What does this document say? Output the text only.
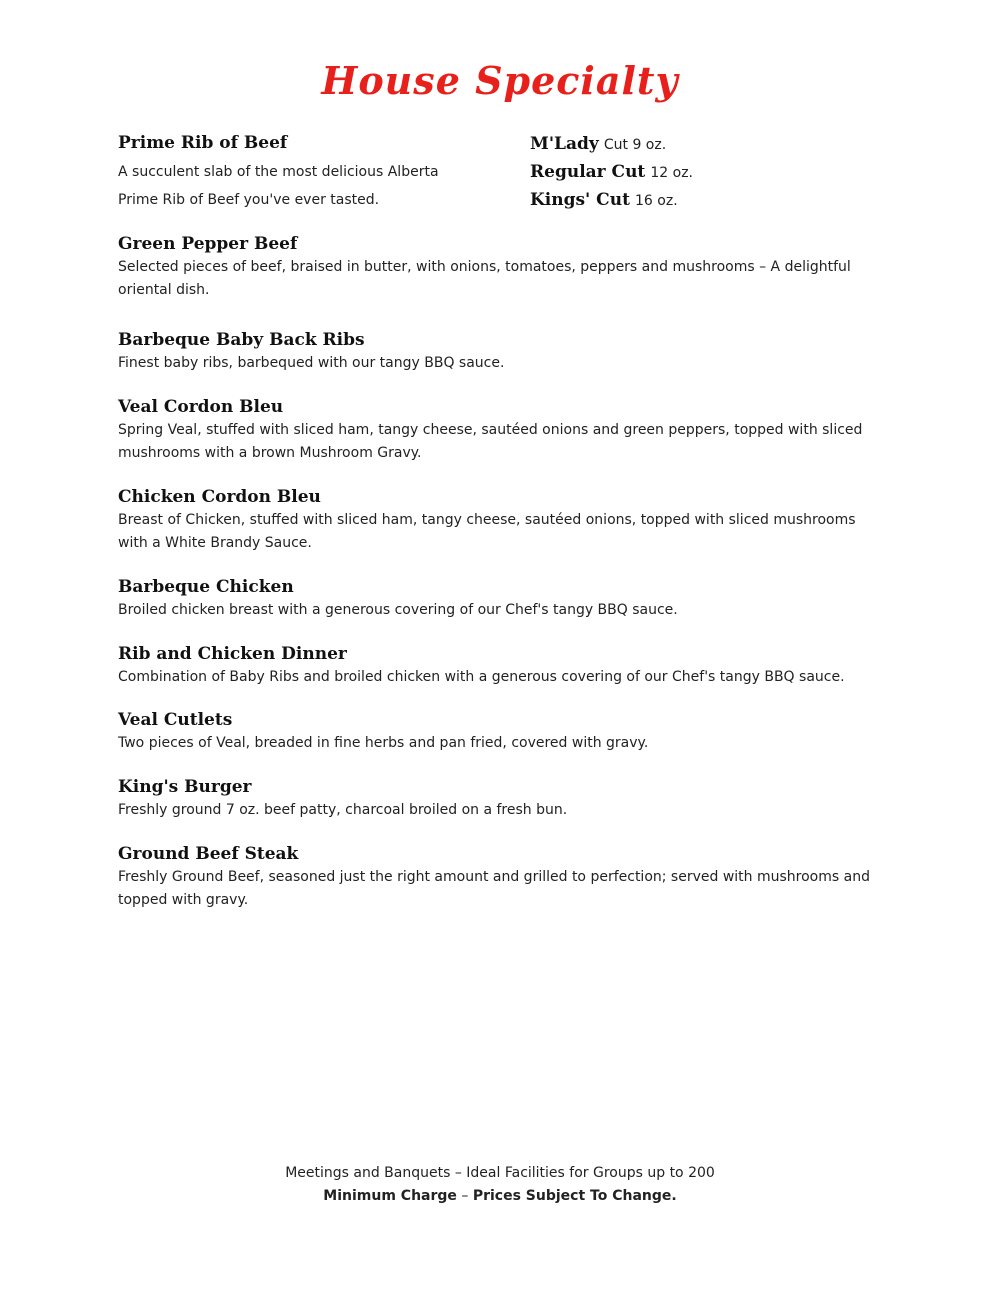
House Specialty
Prime Rib of Beef
A succulent slab of the most delicious Alberta
Prime Rib of Beef you've ever tasted.
M'Lady Cut 9 oz.
Regular Cut 12 oz.
Kings' Cut 16 oz.
Green Pepper Beef
Selected pieces of beef, braised in butter, with onions, tomatoes, peppers and mushrooms – A delightful oriental dish.
Barbeque Baby Back Ribs
Finest baby ribs, barbequed with our tangy BBQ sauce.
Veal Cordon Bleu
Spring Veal, stuffed with sliced ham, tangy cheese, sautéed onions and green peppers, topped with sliced mushrooms with a brown Mushroom Gravy.
Chicken Cordon Bleu
Breast of Chicken, stuffed with sliced ham, tangy cheese, sautéed onions, topped with sliced mushrooms with a White Brandy Sauce.
Barbeque Chicken
Broiled chicken breast with a generous covering of our Chef's tangy BBQ sauce.
Rib and Chicken Dinner
Combination of Baby Ribs and broiled chicken with a generous covering of our Chef's tangy BBQ sauce.
Veal Cutlets
Two pieces of Veal, breaded in fine herbs and pan fried, covered with gravy.
King's Burger
Freshly ground 7 oz. beef patty, charcoal broiled on a fresh bun.
Ground Beef Steak
Freshly Ground Beef, seasoned just the right amount and grilled to perfection; served with mushrooms and topped with gravy.
Meetings and Banquets – Ideal Facilities for Groups up to 200
Minimum Charge – Prices Subject To Change.
